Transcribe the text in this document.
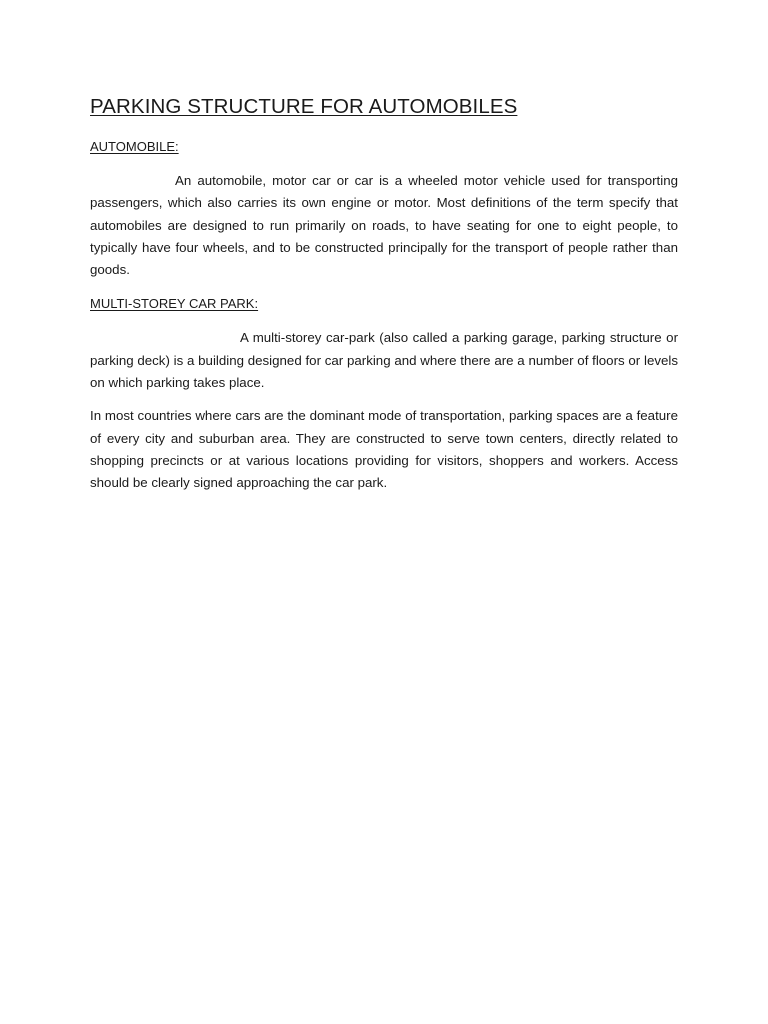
PARKING STRUCTURE FOR AUTOMOBILES

AUTOMOBILE:

An automobile, motor car or car is a wheeled motor vehicle used for transporting passengers, which also carries its own engine or motor. Most definitions of the term specify that automobiles are designed to run primarily on roads, to have seating for one to eight people, to typically have four wheels, and to be constructed principally for the transport of people rather than goods.

MULTI-STOREY CAR PARK:

A multi-storey car-park (also called a parking garage, parking structure or parking deck) is a building designed for car parking and where there are a number of floors or levels on which parking takes place.

In most countries where cars are the dominant mode of transportation, parking spaces are a feature of every city and suburban area. They are constructed to serve town centers, directly related to shopping precincts or at various locations providing for visitors, shoppers and workers. Access should be clearly signed approaching the car park.
